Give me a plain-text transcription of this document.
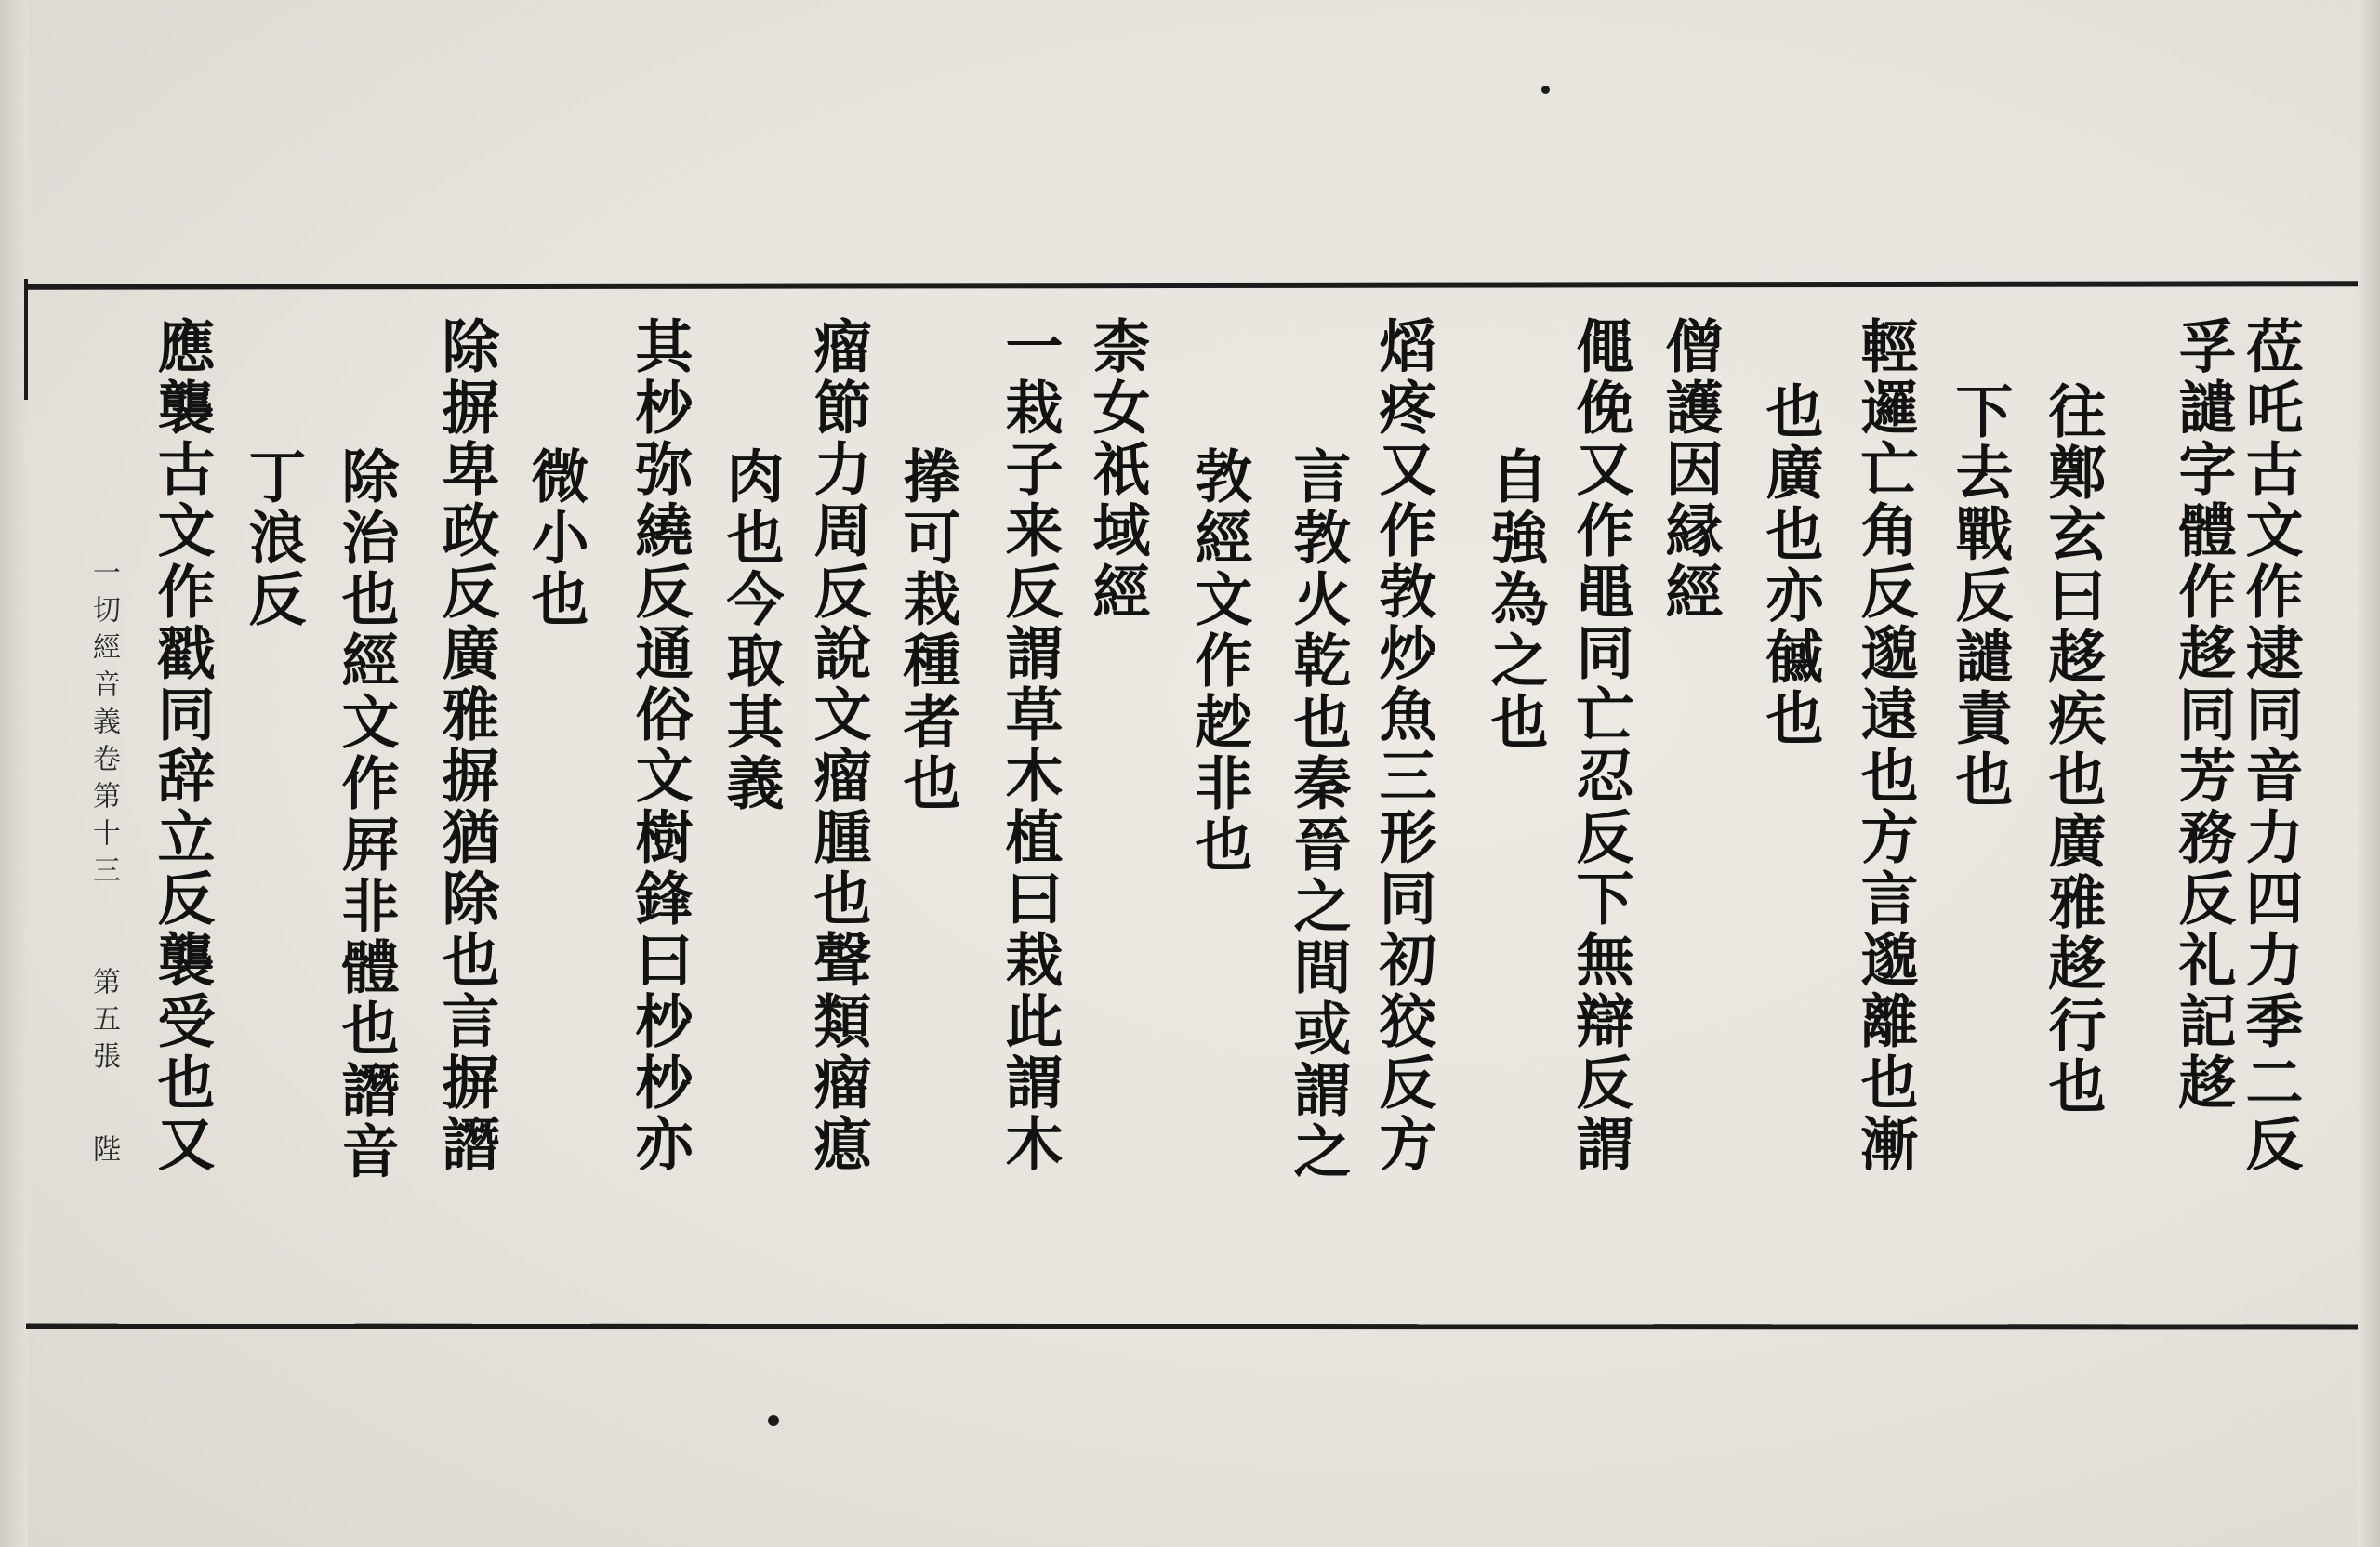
莅吒古文作逮同音力四力季二反
孚譴字體作趍同芳務反礼記趍
往鄭玄曰趍疾也廣雅趍行也
下去戰反譴責也
輕邏亡角反邈遠也方言邈離也漸
也廣也亦㦽也
僧護因縁經
自強為之也 僶俛又作黽同亡忍反下無辯反謂
言㪍火乾也秦晉之間或謂之
㪍經文作赻非也 熖疼又作㪍炒魚三形同初狡反方
柰女祇域經
一栽子来反謂草木植曰栽此謂木
搼可栽種者也
瘤節力周反說文瘤腫也聲類瘤瘜
肉也今取其義
其杪弥繞反通俗文樹鋒曰杪杪亦
微小也
除摒卑政反廣雅摒猶除也言摒譖
除治也經文作屛非體也譖音
丁浪反
應襲古文作戳同辞立反襲受也又
一切經音義卷第十三
第五張
陛
